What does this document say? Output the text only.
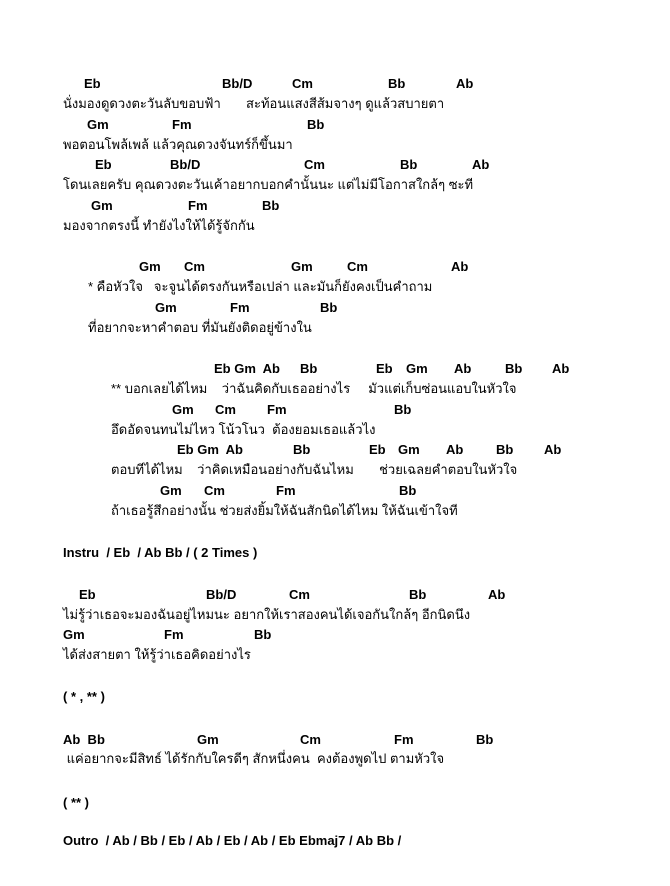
Eb	Bb/D	Cm	Bb	Ab
นั่งมองดูดวงตะวันลับขอบฟ้า       สะท้อนแสงสีส้มจางๆ ดูแล้วสบายตา
Gm	Fm	Bb
พอตอนโพล้เพล้ แล้วคุณดวงจันทร์ก็ขึ้นมา
Eb	Bb/D	Cm	Bb	Ab
โดนเลยครับ คุณดวงตะวันเค้าอยากบอกคำนั้นนะ แต่ไม่มีโอกาสใกล้ๆ ซะที
Gm	Fm	Bb
มองจากตรงนี้ ทำยังไงให้ได้รู้จักกัน
Gm Cm	Gm	Cm	Ab
* คือหัวใจ   จะจูนได้ตรงกันหรือเปล่า และมันก็ยังคงเป็นคำถาม
Gm	Fm	Bb
ที่อยากจะหาคำตอบ ที่มันยังติดอยู่ข้างใน
Eb Gm  Ab Bb	Eb Gm Ab	Bb Ab
** บอกเลยได้ไหม    ว่าฉันคิดกับเธออย่างไร     มัวแต่เก็บซ่อนแอบในหัวใจ
Gm Cm Fm	Bb
อึดอัดจนทนไม่ไหว โน้วโนว  ต้องยอมเธอแล้วไง
Eb Gm  Ab	Bb	Eb Gm Ab	Bb Ab
ตอบทีได้ไหม    ว่าคิดเหมือนอย่างกับฉันไหม       ช่วยเฉลยคำตอบในหัวใจ
Gm Cm	Fm	Bb
ถ้าเธอรู้สึกอย่างนั้น ช่วยส่งยิ้มให้ฉันสักนิดได้ไหม ให้ฉันเข้าใจที
Instru  / Eb  / Ab Bb / ( 2 Times )
Eb	Bb/D	Cm	Bb	Ab
ไม่รู้ว่าเธอจะมองฉันอยู่ไหมนะ อยากให้เราสองคนได้เจอกันใกล้ๆ อีกนิดนึง
Gm	Fm	Bb
ได้ส่งสายตา ให้รู้ว่าเธอคิดอย่างไร
( * , ** )
Ab  Bb	Gm	Cm	Fm	Bb
แค่อยากจะมีสิทธ์ ได้รักกับใครดีๆ สักหนึ่งคน  คงต้องพูดไป ตามหัวใจ
( ** )
Outro  / Ab / Bb / Eb / Ab / Eb / Ab / Eb Ebmaj7 / Ab Bb /
